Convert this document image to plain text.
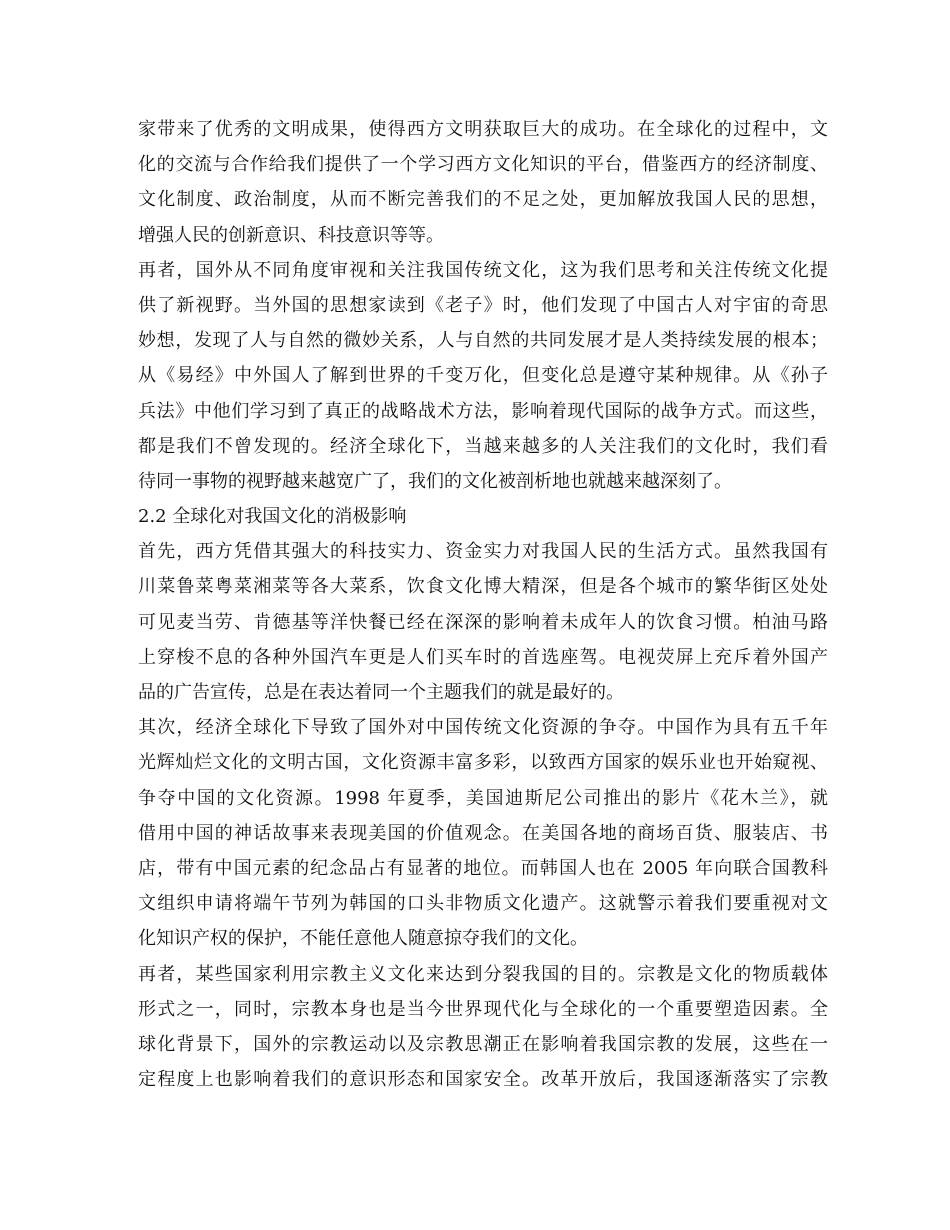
家带来了优秀的文明成果，使得西方文明获取巨大的成功。在全球化的过程中，文
化的交流与合作给我们提供了一个学习西方文化知识的平台，借鉴西方的经济制度、
文化制度、政治制度，从而不断完善我们的不足之处，更加解放我国人民的思想，
增强人民的创新意识、科技意识等等。
再者，国外从不同角度审视和关注我国传统文化，这为我们思考和关注传统文化提
供了新视野。当外国的思想家读到《老子》时，他们发现了中国古人对宇宙的奇思
妙想，发现了人与自然的微妙关系，人与自然的共同发展才是人类持续发展的根本；
从《易经》中外国人了解到世界的千变万化，但变化总是遵守某种规律。从《孙子
兵法》中他们学习到了真正的战略战术方法，影响着现代国际的战争方式。而这些，
都是我们不曾发现的。经济全球化下，当越来越多的人关注我们的文化时，我们看
待同一事物的视野越来越宽广了，我们的文化被剖析地也就越来越深刻了。
2.2 全球化对我国文化的消极影响
首先，西方凭借其强大的科技实力、资金实力对我国人民的生活方式。虽然我国有
川菜鲁菜粤菜湘菜等各大菜系，饮食文化博大精深，但是各个城市的繁华街区处处
可见麦当劳、肯德基等洋快餐已经在深深的影响着未成年人的饮食习惯。柏油马路
上穿梭不息的各种外国汽车更是人们买车时的首选座驾。电视荧屏上充斥着外国产
品的广告宣传，总是在表达着同一个主题我们的就是最好的。
其次，经济全球化下导致了国外对中国传统文化资源的争夺。中国作为具有五千年
光辉灿烂文化的文明古国，文化资源丰富多彩，以致西方国家的娱乐业也开始窥视、
争夺中国的文化资源。1998 年夏季，美国迪斯尼公司推出的影片《花木兰》，就
借用中国的神话故事来表现美国的价值观念。在美国各地的商场百货、服装店、书
店，带有中国元素的纪念品占有显著的地位。而韩国人也在 2005 年向联合国教科
文组织申请将端午节列为韩国的口头非物质文化遗产。这就警示着我们要重视对文
化知识产权的保护，不能任意他人随意掠夺我们的文化。
再者，某些国家利用宗教主义文化来达到分裂我国的目的。宗教是文化的物质载体
形式之一，同时，宗教本身也是当今世界现代化与全球化的一个重要塑造因素。全
球化背景下，国外的宗教运动以及宗教思潮正在影响着我国宗教的发展，这些在一
定程度上也影响着我们的意识形态和国家安全。改革开放后，我国逐渐落实了宗教
